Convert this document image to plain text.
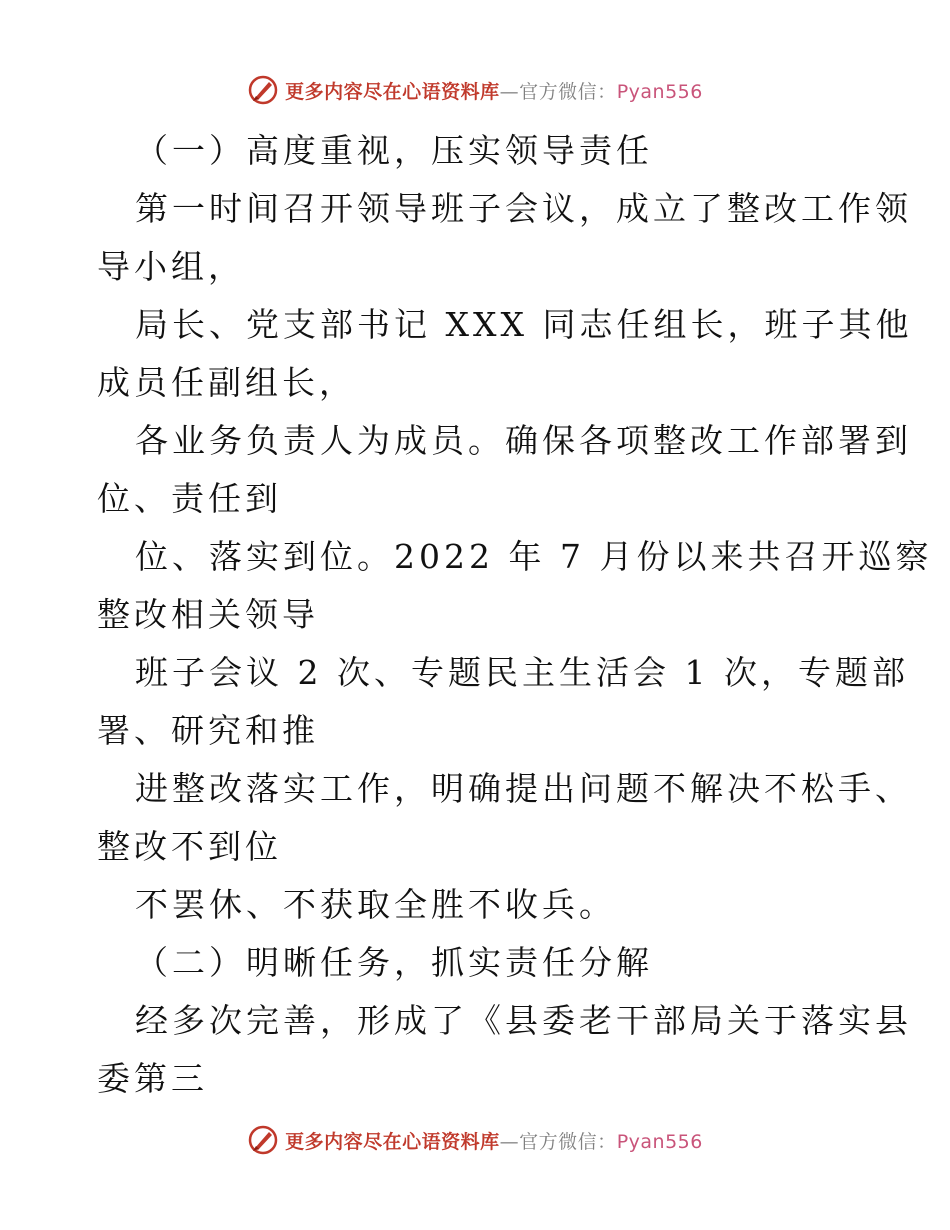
更多内容尽在心语资料库—官方微信：Pyan556
（一）高度重视，压实领导责任
第一时间召开领导班子会议，成立了整改工作领
导小组，
局长、党支部书记 XXX 同志任组长，班子其他
成员任副组长，
各业务负责人为成员。确保各项整改工作部署到
位、责任到
位、落实到位。2022 年 7 月份以来共召开巡察
整改相关领导
班子会议 2 次、专题民主生活会 1 次，专题部
署、研究和推
进整改落实工作，明确提出问题不解决不松手、
整改不到位
不罢休、不获取全胜不收兵。
（二）明晰任务，抓实责任分解
经多次完善，形成了《县委老干部局关于落实县
委第三
更多内容尽在心语资料库—官方微信：Pyan556
